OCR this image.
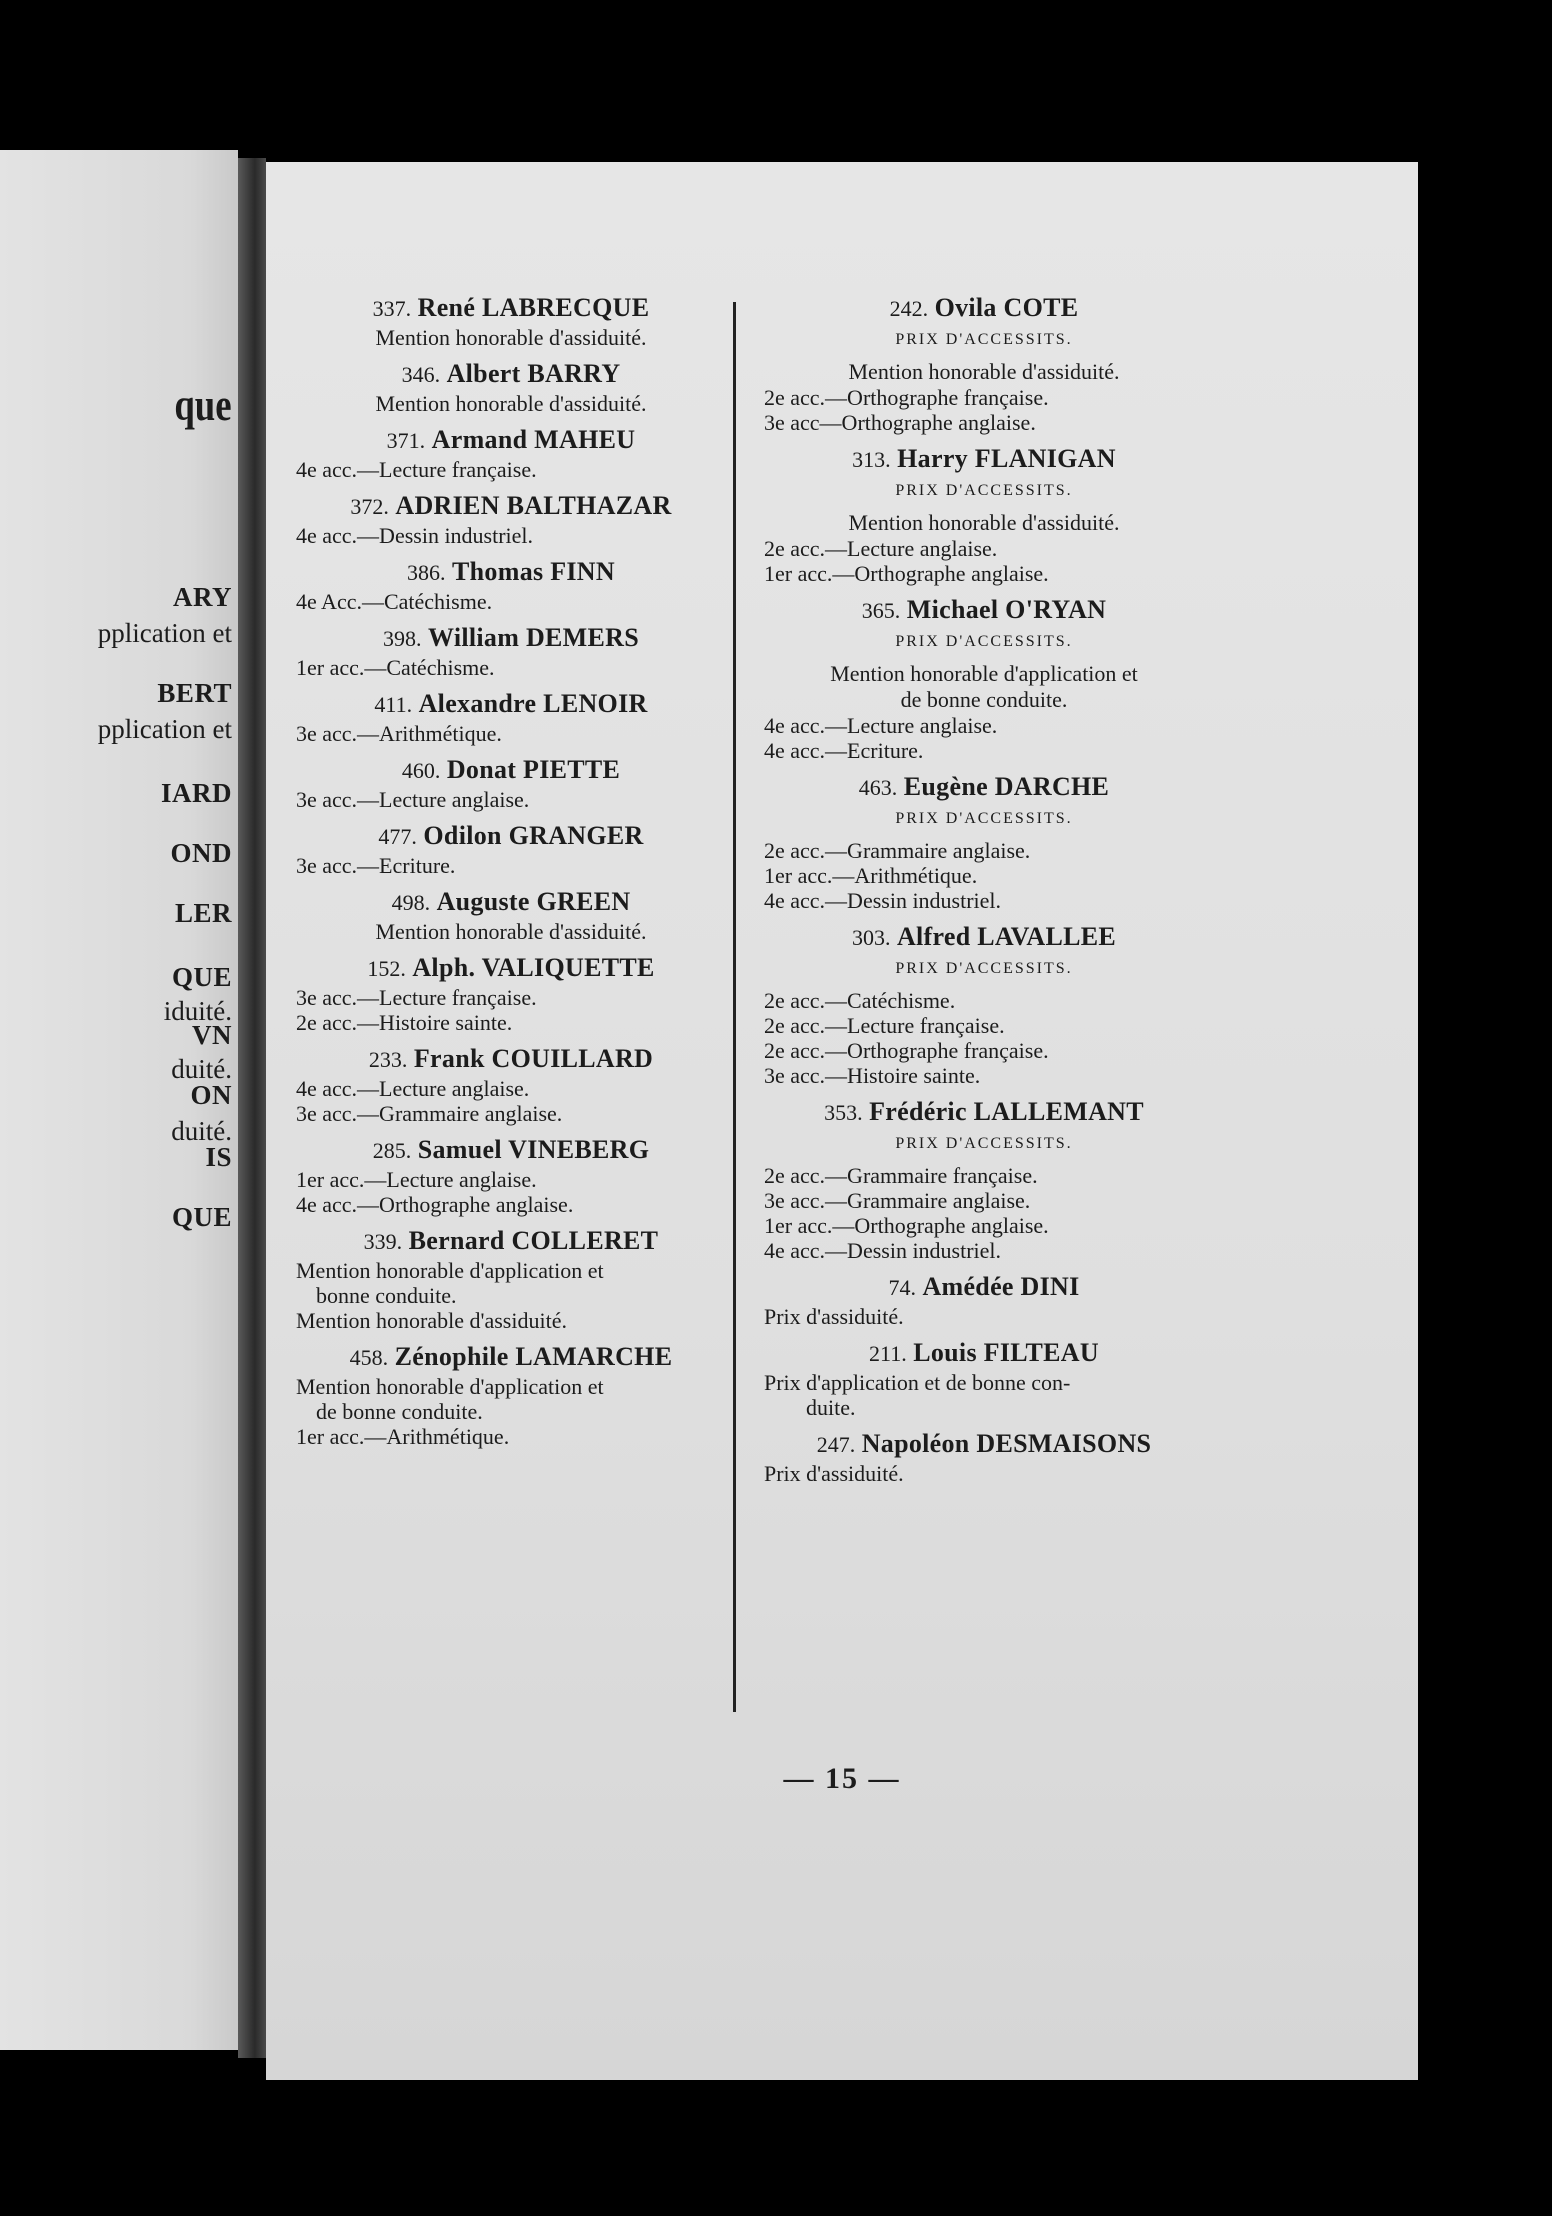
que
ARY
pplication et
BERT
pplication et
IARD
OND
LER
QUE
iduité.
VN
duité.
ON
duité.
IS
QUE
337. René LABRECQUE
Mention honorable d'assiduité.
346. Albert BARRY
Mention honorable d'assiduité.
371. Armand MAHEU
4e acc.—Lecture française.
372. ADRIEN BALTHAZAR
4e acc.—Dessin industriel.
386. Thomas FINN
4e Acc.—Catéchisme.
398. William DEMERS
1er acc.—Catéchisme.
411. Alexandre LENOIR
3e acc.—Arithmétique.
460. Donat PIETTE
3e acc.—Lecture anglaise.
477. Odilon GRANGER
3e acc.—Ecriture.
498. Auguste GREEN
Mention honorable d'assiduité.
152. Alph. VALIQUETTE
3e acc.—Lecture française.
2e acc.—Histoire sainte.
233. Frank COUILLARD
4e acc.—Lecture anglaise.
3e acc.—Grammaire anglaise.
285. Samuel VINEBERG
1er acc.—Lecture anglaise.
4e acc.—Orthographe anglaise.
339. Bernard COLLERET
Mention honorable d'application et
bonne conduite.
Mention honorable d'assiduité.
458. Zénophile LAMARCHE
Mention honorable d'application et
de bonne conduite.
1er acc.—Arithmétique.
242. Ovila COTE
PRIX D'ACCESSITS.
Mention honorable d'assiduité.
2e acc.—Orthographe française.
3e acc—Orthographe anglaise.
313. Harry FLANIGAN
PRIX D'ACCESSITS.
Mention honorable d'assiduité.
2e acc.—Lecture anglaise.
1er acc.—Orthographe anglaise.
365. Michael O'RYAN
PRIX D'ACCESSITS.
Mention honorable d'application et
de bonne conduite.
4e acc.—Lecture anglaise.
4e acc.—Ecriture.
463. Eugène DARCHE
PRIX D'ACCESSITS.
2e acc.—Grammaire anglaise.
1er acc.—Arithmétique.
4e acc.—Dessin industriel.
303. Alfred LAVALLEE
PRIX D'ACCESSITS.
2e acc.—Catéchisme.
2e acc.—Lecture française.
2e acc.—Orthographe française.
3e acc.—Histoire sainte.
353. Frédéric LALLEMANT
PRIX D'ACCESSITS.
2e acc.—Grammaire française.
3e acc.—Grammaire anglaise.
1er acc.—Orthographe anglaise.
4e acc.—Dessin industriel.
74. Amédée DINI
Prix d'assiduité.
211. Louis FILTEAU
Prix d'application et de bonne con-
duite.
247. Napoléon DESMAISONS
Prix d'assiduité.
— 15 —
